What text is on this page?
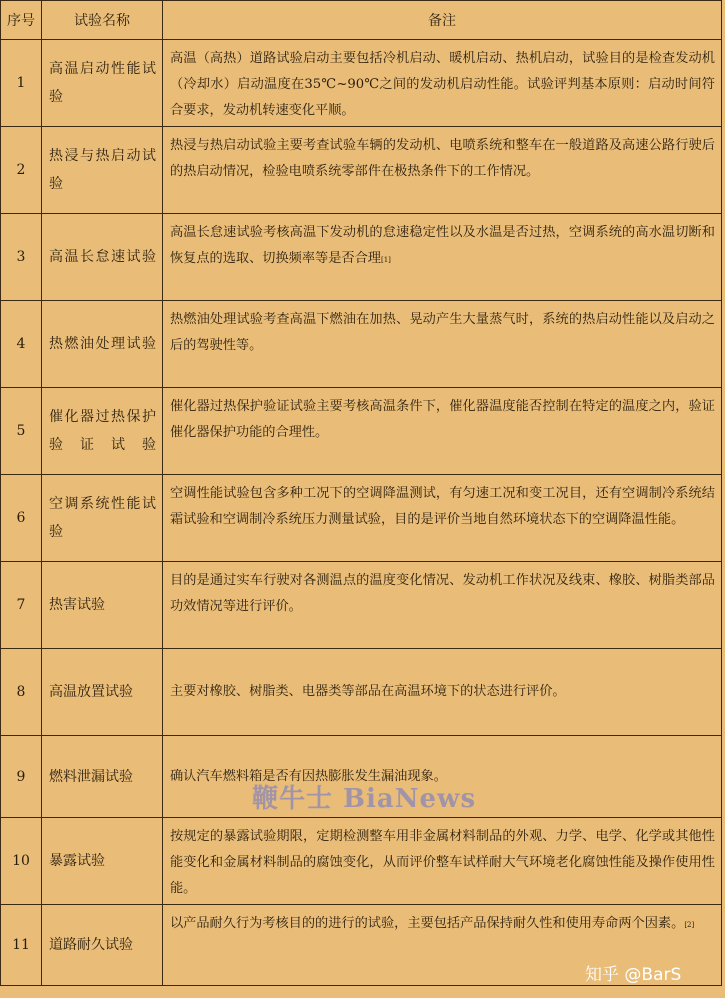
序号	试验名称	备注
1	高温启动性能试验	高温（高热）道路试验启动主要包括冷机启动、暖机启动、热机启动，试验目的是检查发动机（冷却水）启动温度在35℃~90℃之间的发动机启动性能。试验评判基本原则：启动时间符合要求，发动机转速变化平顺。
2	热浸与热启动试验	热浸与热启动试验主要考查试验车辆的发动机、电喷系统和整车在一般道路及高速公路行驶后的热启动情况，检验电喷系统零部件在极热条件下的工作情况。
3	高温长怠速试验	高温长怠速试验考核高温下发动机的怠速稳定性以及水温是否过热，空调系统的高水温切断和恢复点的选取、切换频率等是否合理[1]
4	热燃油处理试验	热燃油处理试验考查高温下燃油在加热、晃动产生大量蒸气时，系统的热启动性能以及启动之后的驾驶性等。
5	催化器过热保护验证试验	催化器过热保护验证试验主要考核高温条件下，催化器温度能否控制在特定的温度之内，验证催化器保护功能的合理性。
6	空调系统性能试验	空调性能试验包含多种工况下的空调降温测试，有匀速工况和变工况目，还有空调制冷系统结霜试验和空调制冷系统压力测量试验，目的是评价当地自然环境状态下的空调降温性能。
7	热害试验	目的是通过实车行驶对各测温点的温度变化情况、发动机工作状况及线束、橡胶、树脂类部品功效情况等进行评价。
8	高温放置试验	主要对橡胶、树脂类、电器类等部品在高温环境下的状态进行评价。
9	燃料泄漏试验	确认汽车燃料箱是否有因热膨胀发生漏油现象。
10	暴露试验	按规定的暴露试验期限，定期检测整车用非金属材料制品的外观、力学、电学、化学或其他性能变化和金属材料制品的腐蚀变化，从而评价整车试样耐大气环境老化腐蚀性能及操作使用性能。
11	道路耐久试验	以产品耐久行为考核目的的进行的试验，主要包括产品保持耐久性和使用寿命两个因素。[2]
鞭牛士 BiaNews
知乎 @BarS
